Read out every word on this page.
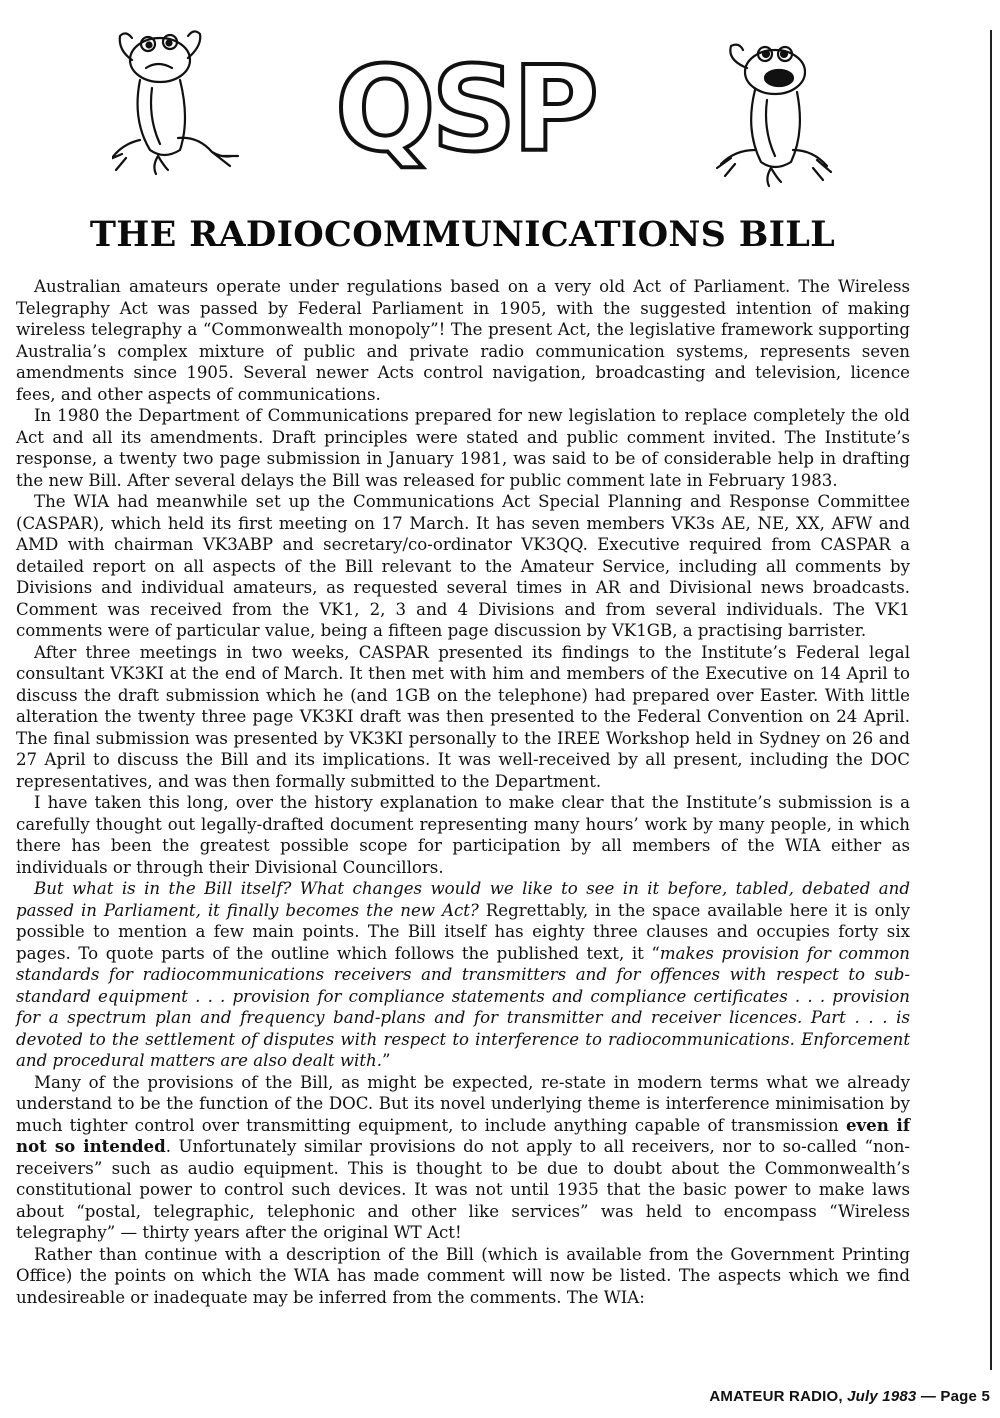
QSP
THE RADIOCOMMUNICATIONS BILL

Australian amateurs operate under regulations based on a very old Act of Parliament. The Wireless Telegraphy Act was passed by Federal Parliament in 1905, with the suggested intention of making wireless telegraphy a “Commonwealth monopoly”! The present Act, the legislative framework supporting Australia’s complex mixture of public and private radio communication systems, represents seven amendments since 1905. Several newer Acts control navigation, broadcasting and television, licence fees, and other aspects of communications.

In 1980 the Department of Communications prepared for new legislation to replace completely the old Act and all its amendments. Draft principles were stated and public comment invited. The Institute’s response, a twenty two page submission in January 1981, was said to be of considerable help in drafting the new Bill. After several delays the Bill was released for public comment late in February 1983.

The WIA had meanwhile set up the Communications Act Special Planning and Response Committee (CASPAR), which held its first meeting on 17 March. It has seven members VK3s AE, NE, XX, AFW and AMD with chairman VK3ABP and secretary/co-ordinator VK3QQ. Executive required from CASPAR a detailed report on all aspects of the Bill relevant to the Amateur Service, including all comments by Divisions and individual amateurs, as requested several times in AR and Divisional news broadcasts. Comment was received from the VK1, 2, 3 and 4 Divisions and from several individuals. The VK1 comments were of particular value, being a fifteen page discussion by VK1GB, a practising barrister.

After three meetings in two weeks, CASPAR presented its findings to the Institute’s Federal legal consultant VK3KI at the end of March. It then met with him and members of the Executive on 14 April to discuss the draft submission which he (and 1GB on the telephone) had prepared over Easter. With little alteration the twenty three page VK3KI draft was then presented to the Federal Convention on 24 April. The final submission was presented by VK3KI personally to the IREE Workshop held in Sydney on 26 and 27 April to discuss the Bill and its implications. It was well-received by all present, including the DOC representatives, and was then formally submitted to the Department.

I have taken this long, over the history explanation to make clear that the Institute’s submission is a carefully thought out legally-drafted document representing many hours’ work by many people, in which there has been the greatest possible scope for participation by all members of the WIA either as individuals or through their Divisional Councillors.

But what is in the Bill itself? What changes would we like to see in it before, tabled, debated and passed in Parliament, it finally becomes the new Act? Regrettably, in the space available here it is only possible to mention a few main points. The Bill itself has eighty three clauses and occupies forty six pages. To quote parts of the outline which follows the published text, it “makes provision for common standards for radiocommunications receivers and transmitters and for offences with respect to sub-standard equipment . . . provision for compliance statements and compliance certificates . . . provision for a spectrum plan and frequency band-plans and for transmitter and receiver licences. Part . . . is devoted to the settlement of disputes with respect to interference to radiocommunications. Enforcement and procedural matters are also dealt with.”

Many of the provisions of the Bill, as might be expected, re-state in modern terms what we already understand to be the function of the DOC. But its novel underlying theme is interference minimisation by much tighter control over transmitting equipment, to include anything capable of transmission even if not so intended. Unfortunately similar provisions do not apply to all receivers, nor to so-called “non-receivers” such as audio equipment. This is thought to be due to doubt about the Commonwealth’s constitutional power to control such devices. It was not until 1935 that the basic power to make laws about “postal, telegraphic, telephonic and other like services” was held to encompass “Wireless telegraphy” — thirty years after the original WT Act!

Rather than continue with a description of the Bill (which is available from the Government Printing Office) the points on which the WIA has made comment will now be listed. The aspects which we find undesireable or inadequate may be inferred from the comments. The WIA:

AMATEUR RADIO, July 1983 — Page 5
